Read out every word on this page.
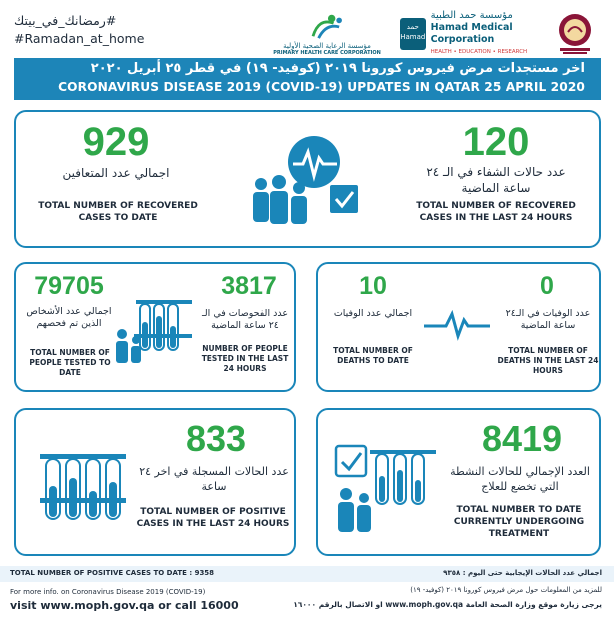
#رمضانك_في_بيتك
#Ramadan_at_home	مؤسسة الرعاية الصحية الأولية
PRIMARY HEALTH CARE CORPORATION
حمد Hamad
مؤسسة حمد الطبية
Hamad Medical Corporation
HEALTH • EDUCATION • RESEARCH
اخر مستجدات مرض فيروس كورونا ٢٠١٩ (كوفيد- ١٩) في قطر ٢٥ أبريل ٢٠٢٠
CORONAVIRUS DISEASE 2019 (COVID-19) UPDATES IN QATAR 25 APRIL 2020
929
اجمالي عدد المتعافين
TOTAL NUMBER OF RECOVERED CASES TO DATE
120
عدد حالات الشفاء في الـ ٢٤ ساعة الماضية
TOTAL NUMBER OF RECOVERED CASES IN THE LAST 24 HOURS
79705
اجمالي عدد الأشخاص الذين تم فحصهم
TOTAL NUMBER OF PEOPLE TESTED TO DATE
3817
عدد الفحوصات في الـ ٢٤ ساعة الماضية
NUMBER OF PEOPLE TESTED IN THE LAST 24 HOURS
10
اجمالي عدد الوفيات
TOTAL NUMBER OF DEATHS TO DATE
0
عدد الوفيات في الـ٢٤ ساعة الماضية
TOTAL NUMBER OF DEATHS IN THE LAST 24 HOURS
833
عدد الحالات المسجلة في اخر ٢٤ ساعة
TOTAL NUMBER OF POSITIVE CASES IN THE LAST 24 HOURS
8419
العدد الإجمالي للحالات النشطة التي تخضع للعلاج
TOTAL NUMBER TO DATE CURRENTLY UNDERGOING TREATMENT
TOTAL NUMBER OF POSITIVE CASES TO DATE : 9358	اجمالي عدد الحالات الإيجابية حتى اليوم : ٩٣٥٨
For more info. on Coronavirus Disease 2019 (COVID-19)	للمزيد من المعلومات حول مرض فيروس كورونا ٢٠١٩ (كوفيد- ١٩)
visit www.moph.gov.qa or call 16000	يرجى زيارة موقع وزارة الصحة العامة www.moph.gov.qa او الاتصال بالرقم ١٦٠٠٠
